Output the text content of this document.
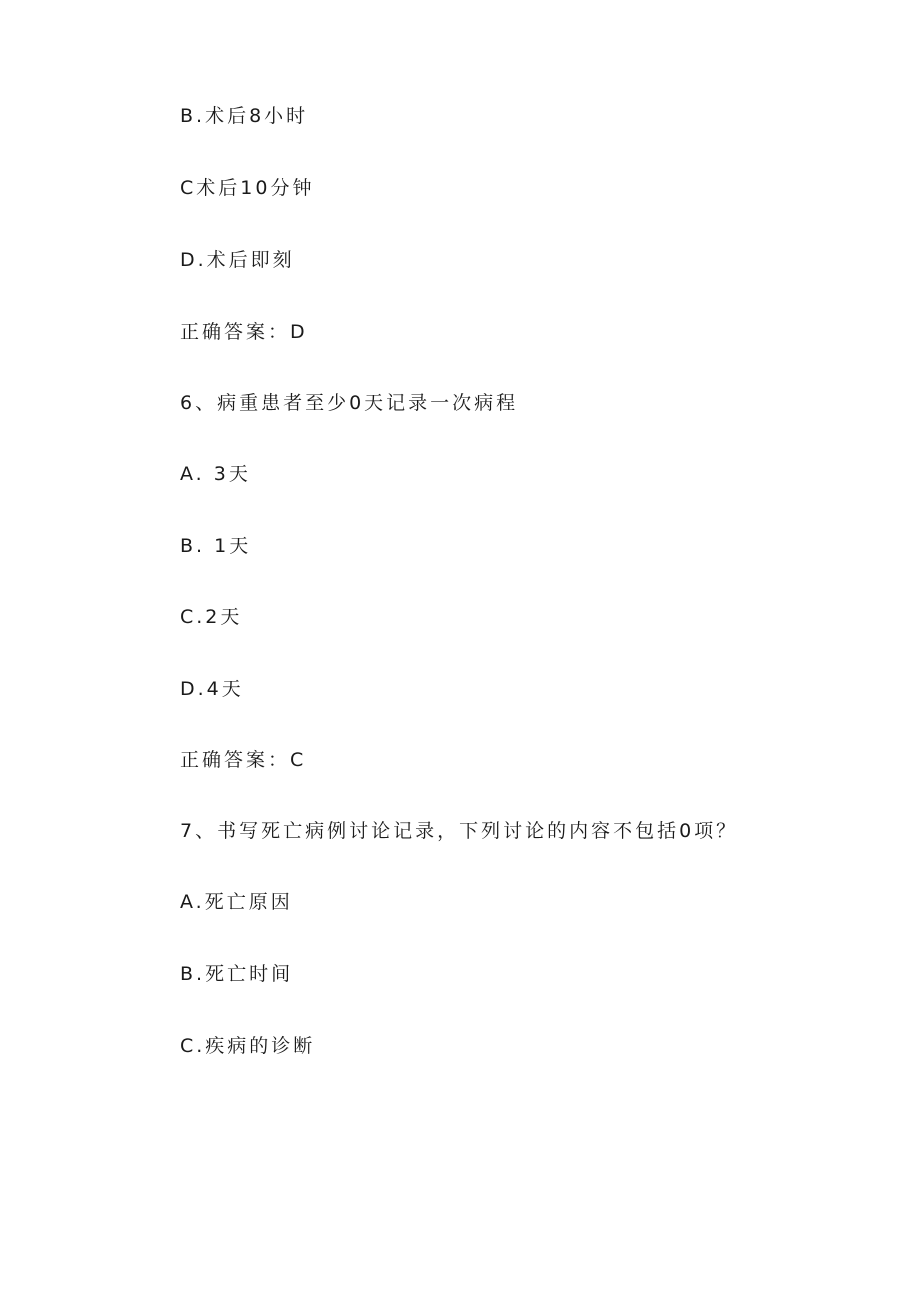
B.术后8小时
C术后10分钟
D.术后即刻
正确答案：D
6、病重患者至少0天记录一次病程
A. 3天
B. 1天
C.2天
D.4天
正确答案：C
7、书写死亡病例讨论记录，下列讨论的内容不包括0项？
A.死亡原因
B.死亡时间
C.疾病的诊断
